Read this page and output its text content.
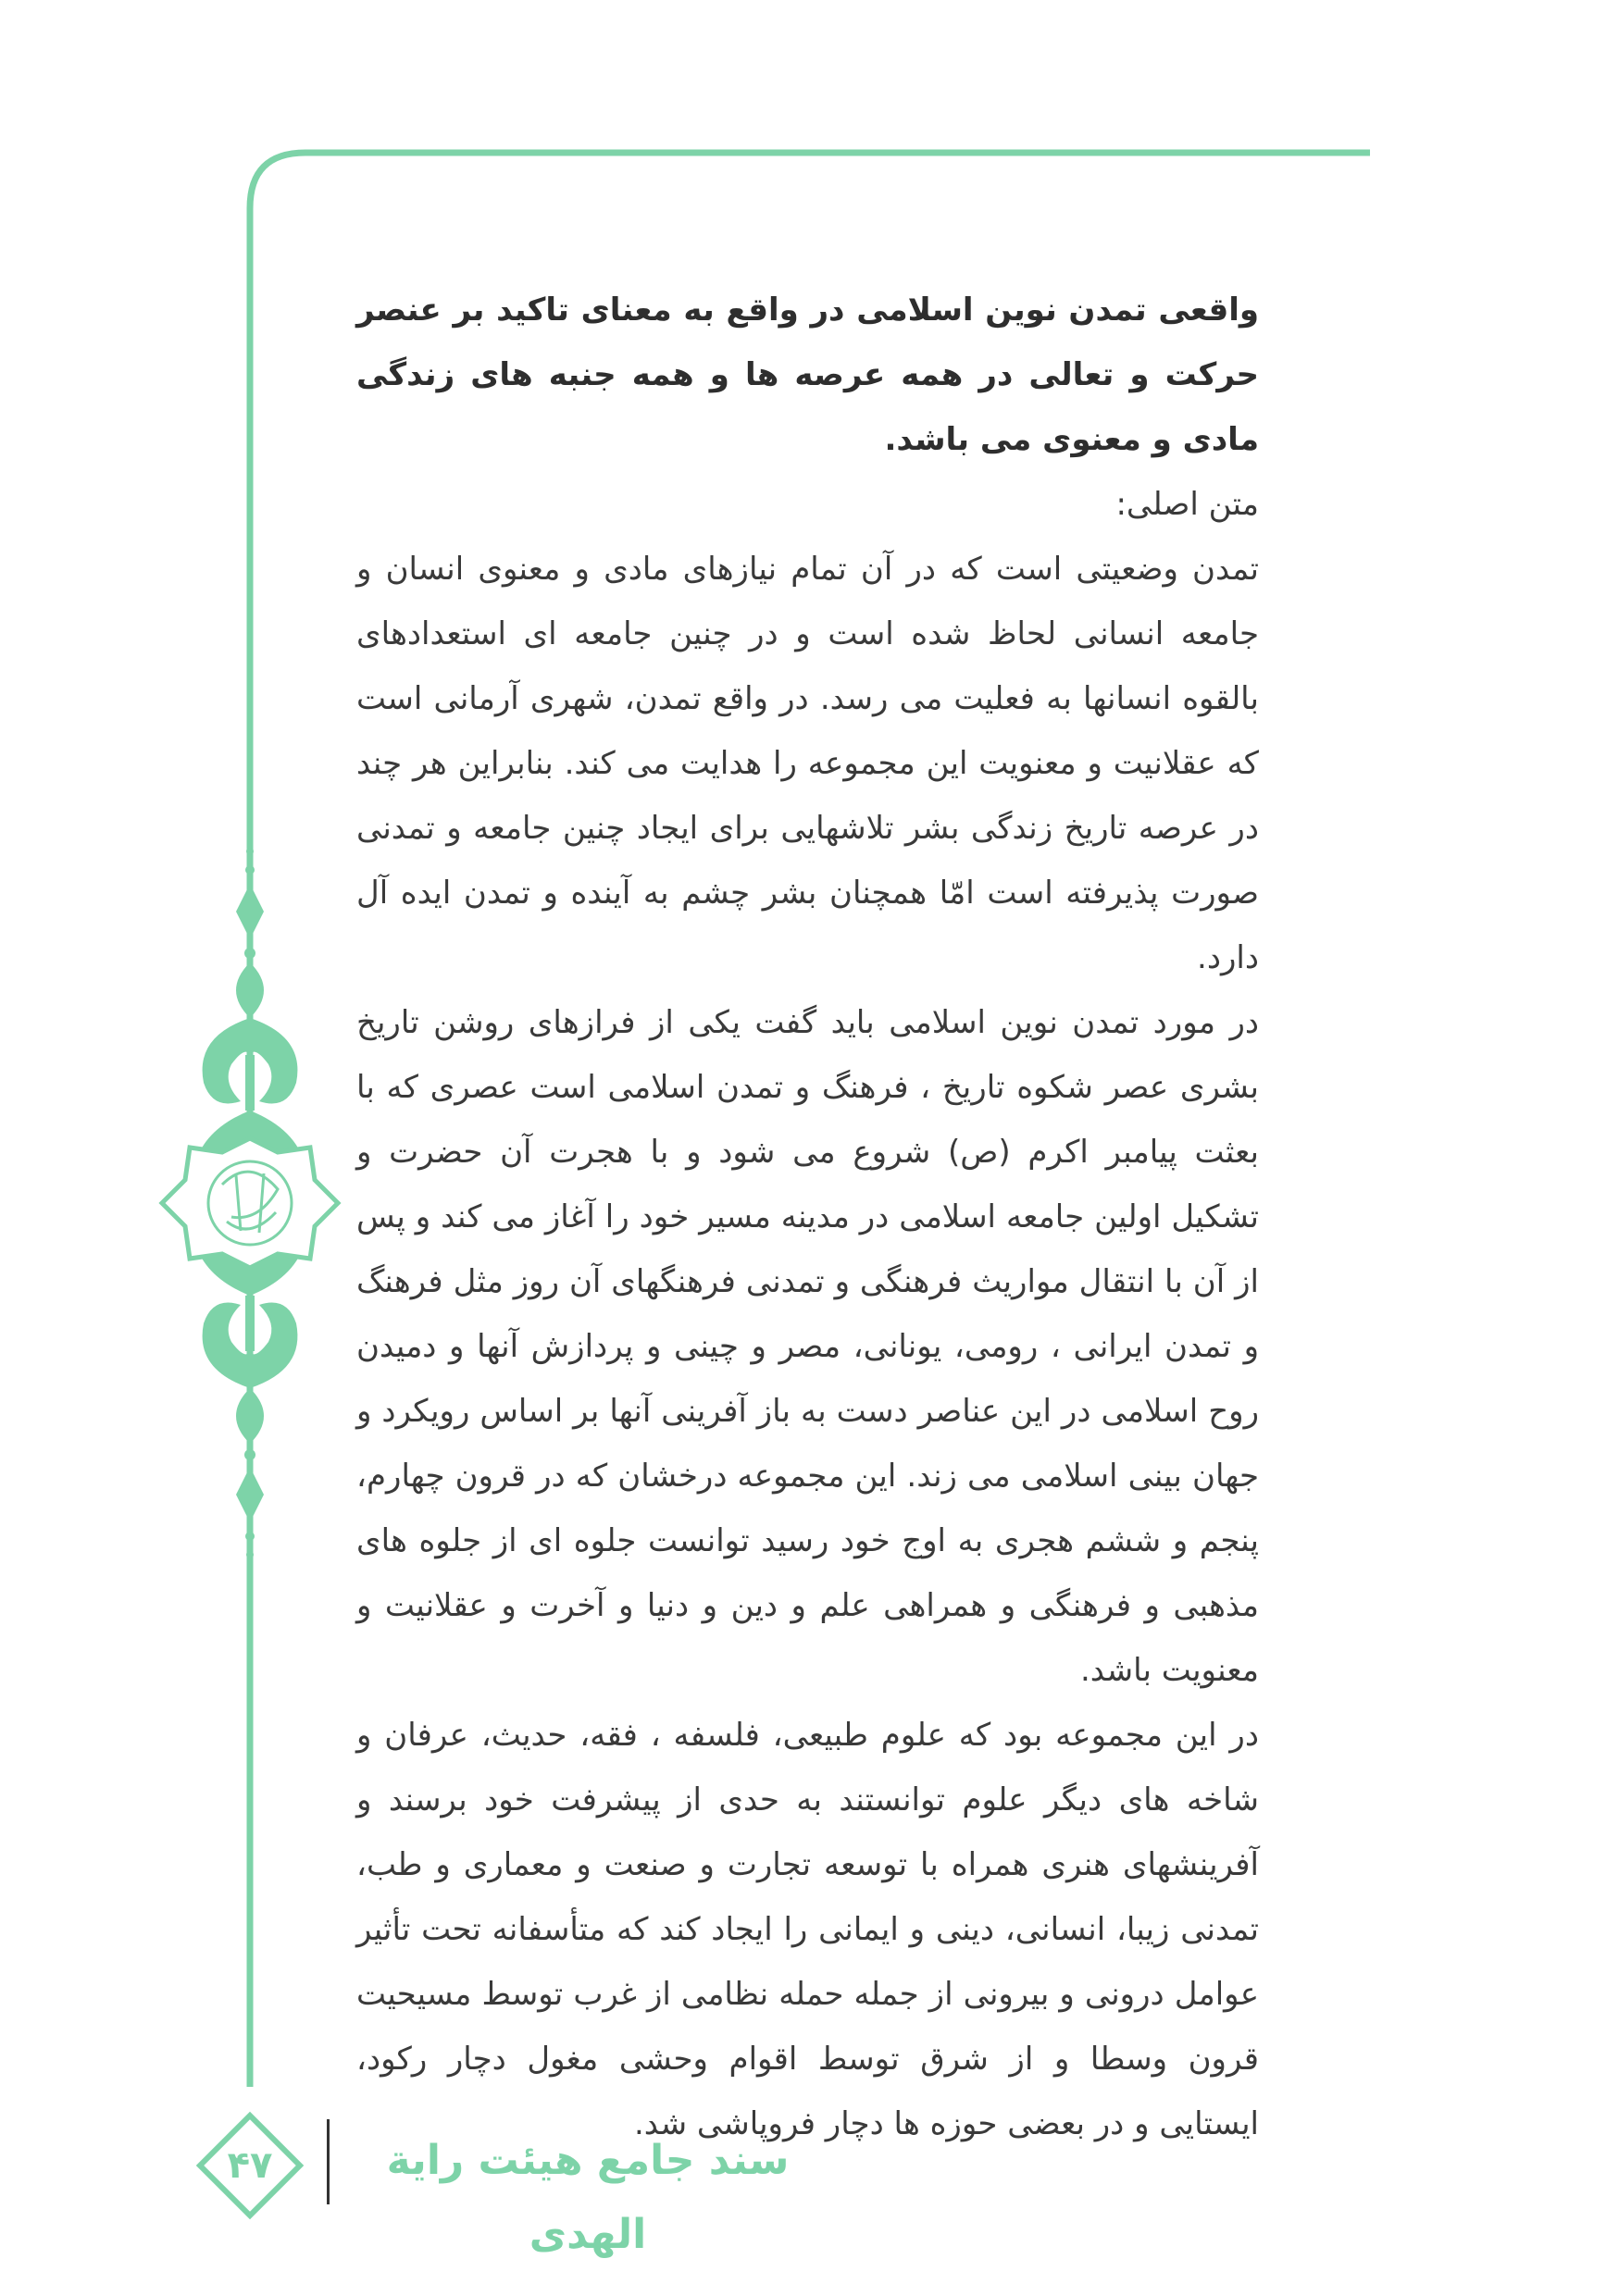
واقعی تمدن نوین اسلامی در واقع به معنای تاکید بر عنصر حرکت و تعالی در همه عرصه ها و همه جنبه های زندگی مادی و معنوی می باشد.

متن اصلی:

تمدن وضعیتی است که در آن تمام نیازهای مادی و معنوی انسان و جامعه انسانی لحاظ شده است و در چنین جامعه ای استعدادهای بالقوه انسانها به فعلیت می رسد. در واقع تمدن، شهری آرمانی است که عقلانیت و معنویت این مجموعه را هدایت می کند. بنابراین هر چند در عرصه تاریخ زندگی بشر تلاشهایی برای ایجاد چنین جامعه و تمدنی صورت پذیرفته است امّا همچنان بشر چشم به آینده و تمدن ایده آل دارد.

در مورد تمدن نوین اسلامی باید گفت یکی از فرازهای روشن تاریخ بشری عصر شکوه تاریخ ، فرهنگ و تمدن اسلامی است عصری که با بعثت پیامبر اکرم (ص) شروع می شود و با هجرت آن حضرت و تشکیل اولین جامعه اسلامی در مدینه مسیر خود را آغاز می کند و پس از آن با انتقال مواریث فرهنگی و تمدنی فرهنگهای آن روز مثل فرهنگ و تمدن ایرانی ، رومی، یونانی، مصر و چینی و پردازش آنها و دمیدن روح اسلامی در این عناصر دست به باز آفرینی آنها بر اساس رویکرد و جهان بینی اسلامی می زند. این مجموعه درخشان که در قرون چهارم، پنجم و ششم هجری به اوج خود رسید توانست جلوه ای از جلوه های مذهبی و فرهنگی و همراهی علم و دین و دنیا و آخرت و عقلانیت و معنویت باشد.

در این مجموعه بود که علوم طبیعی، فلسفه ، فقه، حدیث، عرفان و شاخه های دیگر علوم توانستند به حدی از پیشرفت خود برسند و آفرینشهای هنری همراه با توسعه تجارت و صنعت و معماری و طب، تمدنی زیبا، انسانی، دینی و ایمانی را ایجاد کند که متأسفانه تحت تأثیر عوامل درونی و بیرونی از جمله حمله نظامی از غرب توسط مسیحیت قرون وسطا و از شرق توسط اقوام وحشی مغول دچار رکود، ایستایی و در بعضی حوزه ها دچار فروپاشی شد.

سند جامع هیئت رایة الهدی
۴۷
